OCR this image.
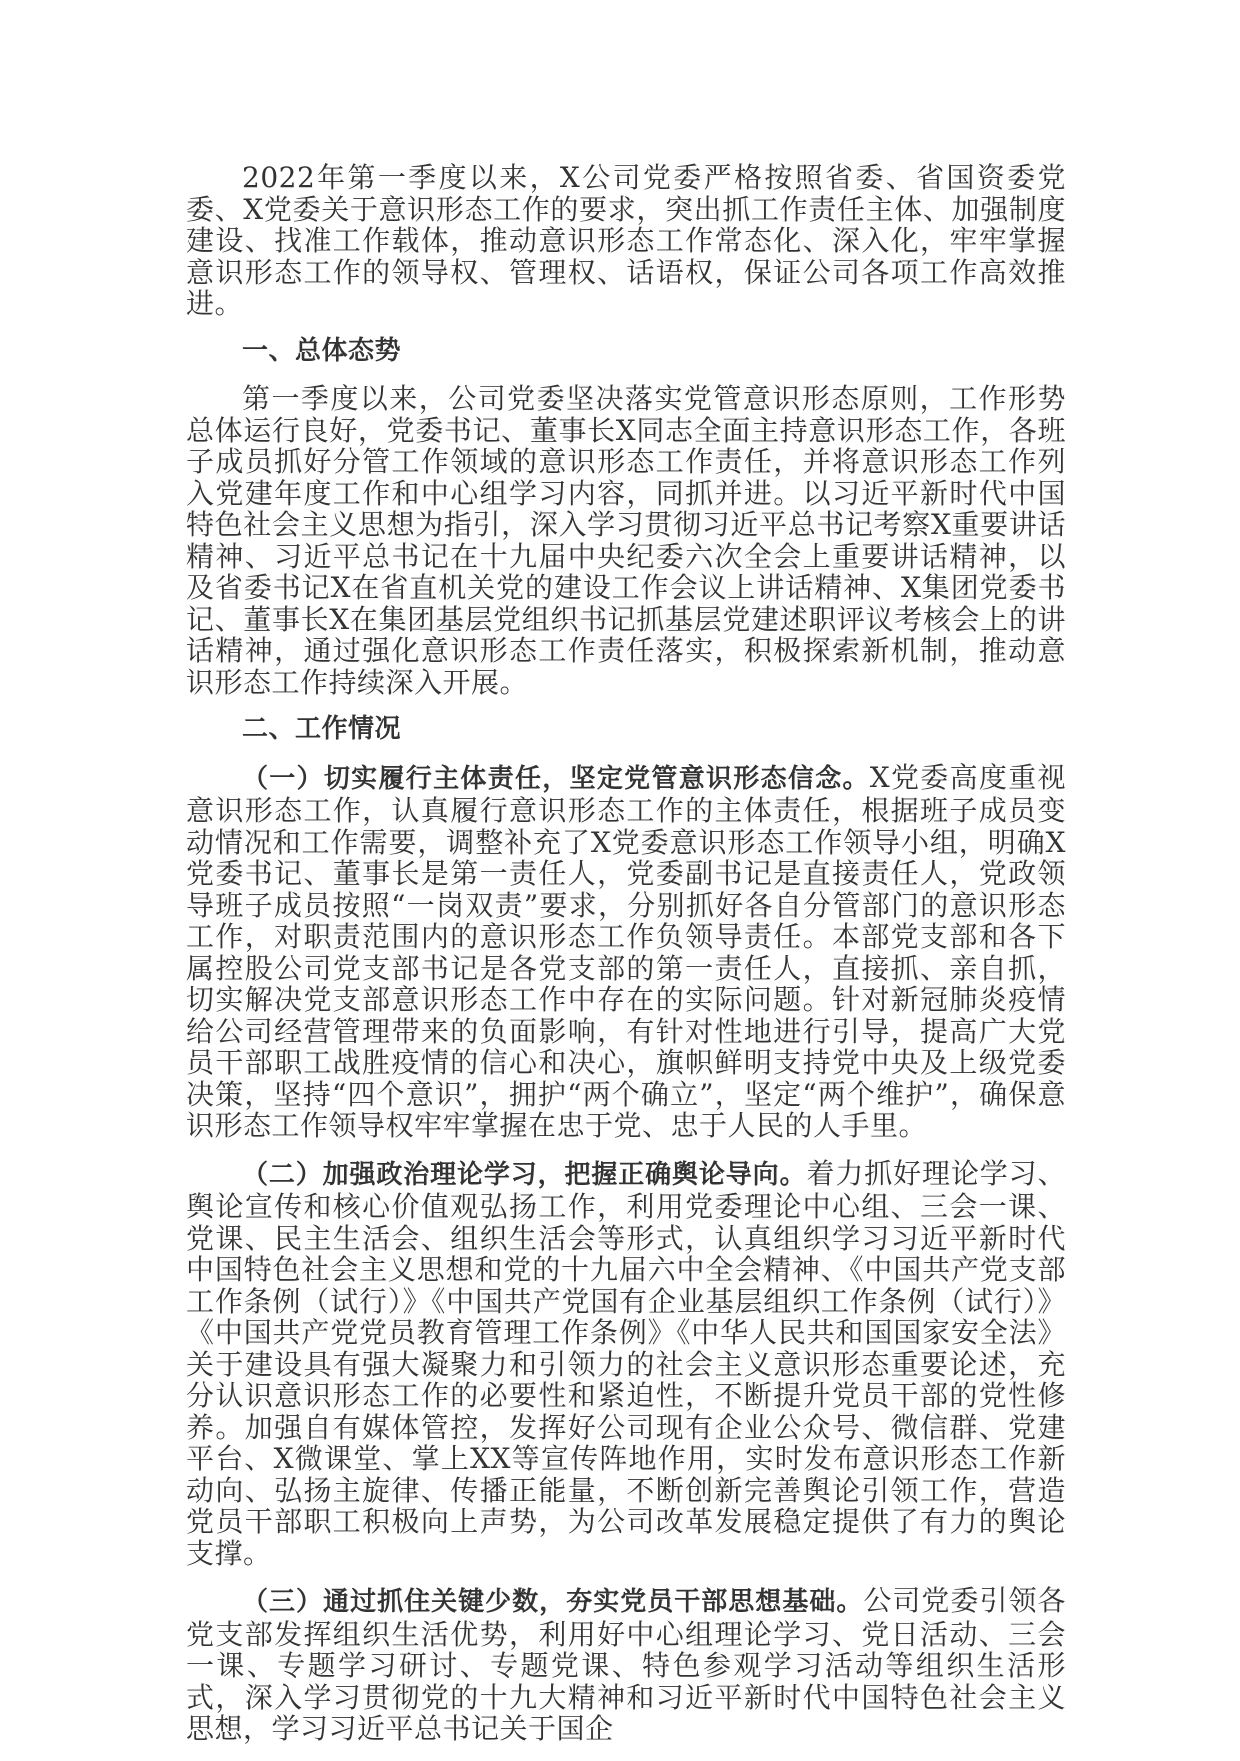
2022年第一季度以来，X公司党委严格按照省委、省国资委党委、X党委关于意识形态工作的要求，突出抓工作责任主体、加强制度建设、找准工作载体，推动意识形态工作常态化、深入化，牢牢掌握意识形态工作的领导权、管理权、话语权，保证公司各项工作高效推进。

一、总体态势

第一季度以来，公司党委坚决落实党管意识形态原则，工作形势总体运行良好，党委书记、董事长X同志全面主持意识形态工作，各班子成员抓好分管工作领域的意识形态工作责任，并将意识形态工作列入党建年度工作和中心组学习内容，同抓并进。以习近平新时代中国特色社会主义思想为指引，深入学习贯彻习近平总书记考察X重要讲话精神、习近平总书记在十九届中央纪委六次全会上重要讲话精神，以及省委书记X在省直机关党的建设工作会议上讲话精神、X集团党委书记、董事长X在集团基层党组织书记抓基层党建述职评议考核会上的讲话精神，通过强化意识形态工作责任落实，积极探索新机制，推动意识形态工作持续深入开展。

二、工作情况

（一）切实履行主体责任，坚定党管意识形态信念。X党委高度重视意识形态工作，认真履行意识形态工作的主体责任，根据班子成员变动情况和工作需要，调整补充了X党委意识形态工作领导小组，明确X党委书记、董事长是第一责任人，党委副书记是直接责任人，党政领导班子成员按照“一岗双责”要求，分别抓好各自分管部门的意识形态工作，对职责范围内的意识形态工作负领导责任。本部党支部和各下属控股公司党支部书记是各党支部的第一责任人，直接抓、亲自抓，切实解决党支部意识形态工作中存在的实际问题。针对新冠肺炎疫情给公司经营管理带来的负面影响，有针对性地进行引导，提高广大党员干部职工战胜疫情的信心和决心，旗帜鲜明支持党中央及上级党委决策，坚持“四个意识”，拥护“两个确立”，坚定“两个维护”，确保意识形态工作领导权牢牢掌握在忠于党、忠于人民的人手里。

（二）加强政治理论学习，把握正确舆论导向。着力抓好理论学习、舆论宣传和核心价值观弘扬工作，利用党委理论中心组、三会一课、党课、民主生活会、组织生活会等形式，认真组织学习习近平新时代中国特色社会主义思想和党的十九届六中全会精神、《中国共产党支部工作条例（试行）》《中国共产党国有企业基层组织工作条例（试行）》《中国共产党党员教育管理工作条例》《中华人民共和国国家安全法》关于建设具有强大凝聚力和引领力的社会主义意识形态重要论述，充分认识意识形态工作的必要性和紧迫性，不断提升党员干部的党性修养。加强自有媒体管控，发挥好公司现有企业公众号、微信群、党建平台、X微课堂、掌上XX等宣传阵地作用，实时发布意识形态工作新动向、弘扬主旋律、传播正能量，不断创新完善舆论引领工作，营造党员干部职工积极向上声势，为公司改革发展稳定提供了有力的舆论支撑。

（三）通过抓住关键少数，夯实党员干部思想基础。公司党委引领各党支部发挥组织生活优势，利用好中心组理论学习、党日活动、三会一课、专题学习研讨、专题党课、特色参观学习活动等组织生活形式，深入学习贯彻党的十九大精神和习近平新时代中国特色社会主义思想，学习习近平总书记关于国企
